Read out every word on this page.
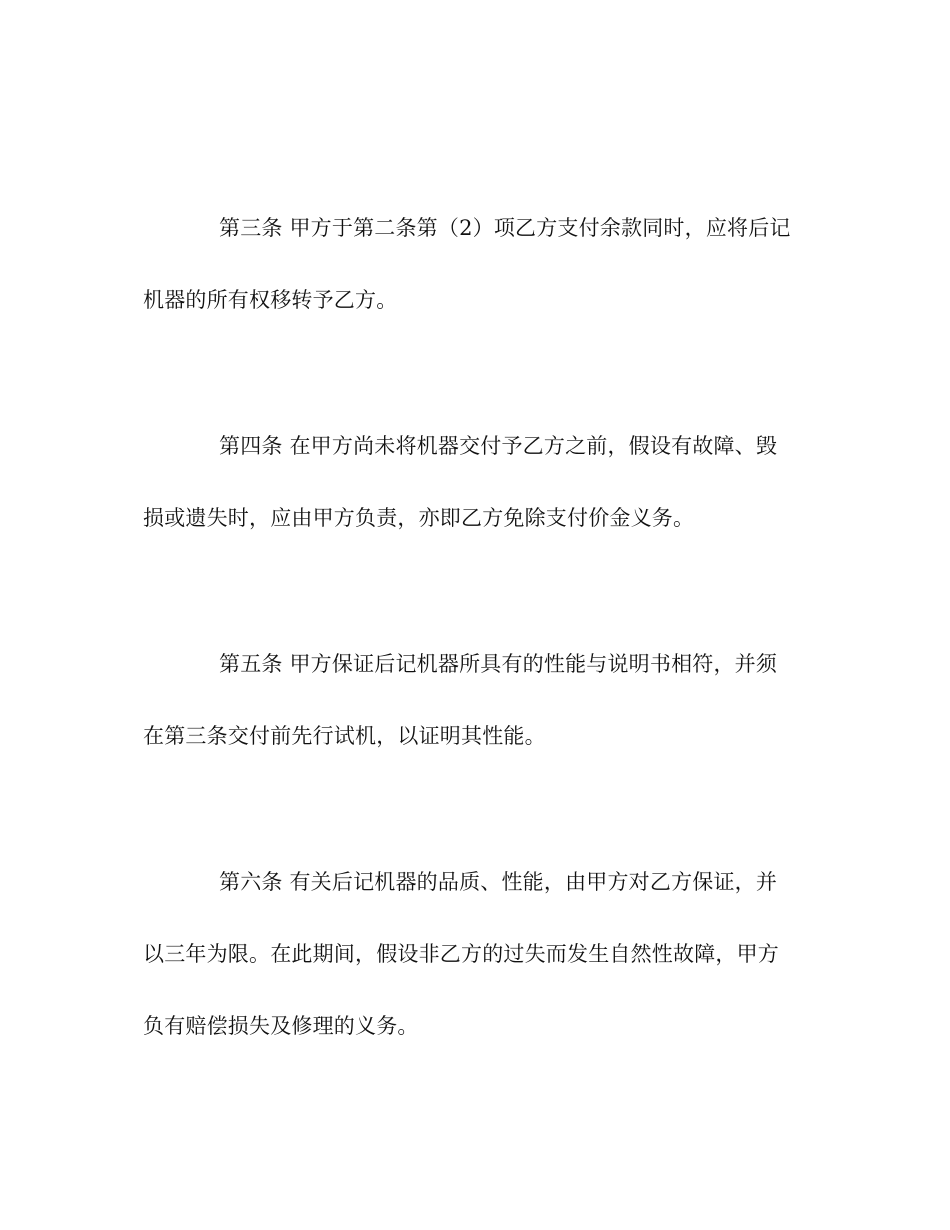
第三条 甲方于第二条第（2）项乙方支付余款同时，应将后记
机器的所有权移转予乙方。
第四条 在甲方尚未将机器交付予乙方之前，假设有故障、毁
损或遗失时，应由甲方负责，亦即乙方免除支付价金义务。
第五条 甲方保证后记机器所具有的性能与说明书相符，并须
在第三条交付前先行试机，以证明其性能。
第六条 有关后记机器的品质、性能，由甲方对乙方保证，并
以三年为限。在此期间，假设非乙方的过失而发生自然性故障，甲方
负有赔偿损失及修理的义务。
